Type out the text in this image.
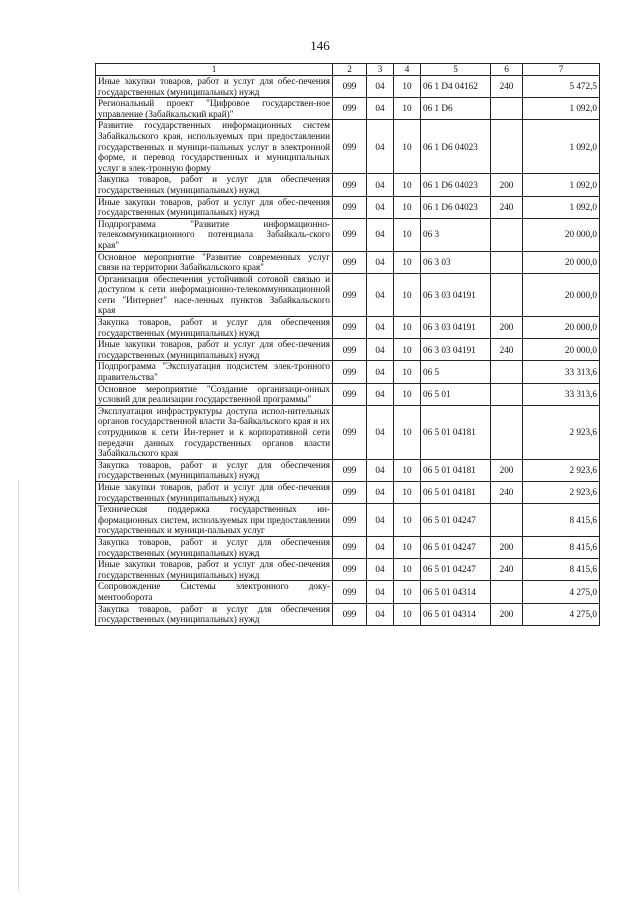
146
1	2	3	4	5	6	7
Иные закупки товаров, работ и услуг для обес-печения государственных (муниципальных) нужд	099	04	10	06 1 D4 04162	240	5 472,5
Региональный проект "Цифровое государствен-ное управление (Забайкальский край)"	099	04	10	06 1 D6		1 092,0
Развитие государственных информационных систем Забайкальского края, используемых при предоставлении государственных и муници-пальных услуг в электронной форме, и перевод государственных и муниципальных услуг в элек-тронную форму	099	04	10	06 1 D6 04023		1 092,0
Закупка товаров, работ и услуг для обеспечения государственных (муниципальных) нужд	099	04	10	06 1 D6 04023	200	1 092,0
Иные закупки товаров, работ и услуг для обес-печения государственных (муниципальных) нужд	099	04	10	06 1 D6 04023	240	1 092,0
Подпрограмма "Развитие информационно-телекоммуникационного потенциала Забайкаль-ского края"	099	04	10	06 3		20 000,0
Основное мероприятие "Развитие современных услуг связи на территории Забайкальского края"	099	04	10	06 3 03		20 000,0
Организация обеспечения устойчивой сотовой связью и доступом к сети информационно-телекоммуникационной сети "Интернет" насе-ленных пунктов Забайкальского края	099	04	10	06 3 03 04191		20 000,0
Закупка товаров, работ и услуг для обеспечения государственных (муниципальных) нужд	099	04	10	06 3 03 04191	200	20 000,0
Иные закупки товаров, работ и услуг для обес-печения государственных (муниципальных) нужд	099	04	10	06 3 03 04191	240	20 000,0
Подпрограмма "Эксплуатация подсистем элек-тронного правительства"	099	04	10	06 5		33 313,6
Основное мероприятие "Создание организаци-онных условий для реализации государственной программы"	099	04	10	06 5 01		33 313,6
Эксплуатация инфраструктуры доступа испол-нительных органов государственной власти За-байкальского края и их сотрудников к сети Ин-тернет и к корпоративной сети передачи данных государственных органов власти Забайкальского края	099	04	10	06 5 01 04181		2 923,6
Закупка товаров, работ и услуг для обеспечения государственных (муниципальных) нужд	099	04	10	06 5 01 04181	200	2 923,6
Иные закупки товаров, работ и услуг для обес-печения государственных (муниципальных) нужд	099	04	10	06 5 01 04181	240	2 923,6
Техническая поддержка государственных ин-формационных систем, используемых при предоставлении государственных и муници-пальных услуг	099	04	10	06 5 01 04247		8 415,6
Закупка товаров, работ и услуг для обеспечения государственных (муниципальных) нужд	099	04	10	06 5 01 04247	200	8 415,6
Иные закупки товаров, работ и услуг для обес-печения государственных (муниципальных) нужд	099	04	10	06 5 01 04247	240	8 415,6
Сопровождение Системы электронного доку-ментооборота	099	04	10	06 5 01 04314		4 275,0
Закупка товаров, работ и услуг для обеспечения государственных (муниципальных) нужд	099	04	10	06 5 01 04314	200	4 275,0
